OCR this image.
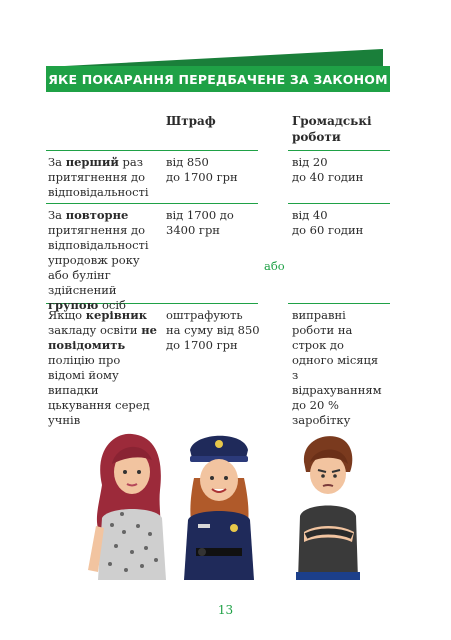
ЯКЕ ПОКАРАННЯ ПЕРЕДБАЧЕНЕ ЗА ЗАКОНОМ
Штраф	Громадські роботи
За перший раз притягнення до відповідальності
від 850
до 1700 грн
від 20
до 40 годин
За повторне притягнення до відповідальності упродовж року або булінг здійснений групою осіб
від 1700 до
3400 грн
від 40
до 60 годин
або
Якщо керівник закладу освіти не повідомить поліцію про відомі йому випадки цькування серед учнів
оштрафують на суму від 850 до 1700 грн
виправні роботи на строк до одного місяця з відрахуванням до 20 % заробітку
13
